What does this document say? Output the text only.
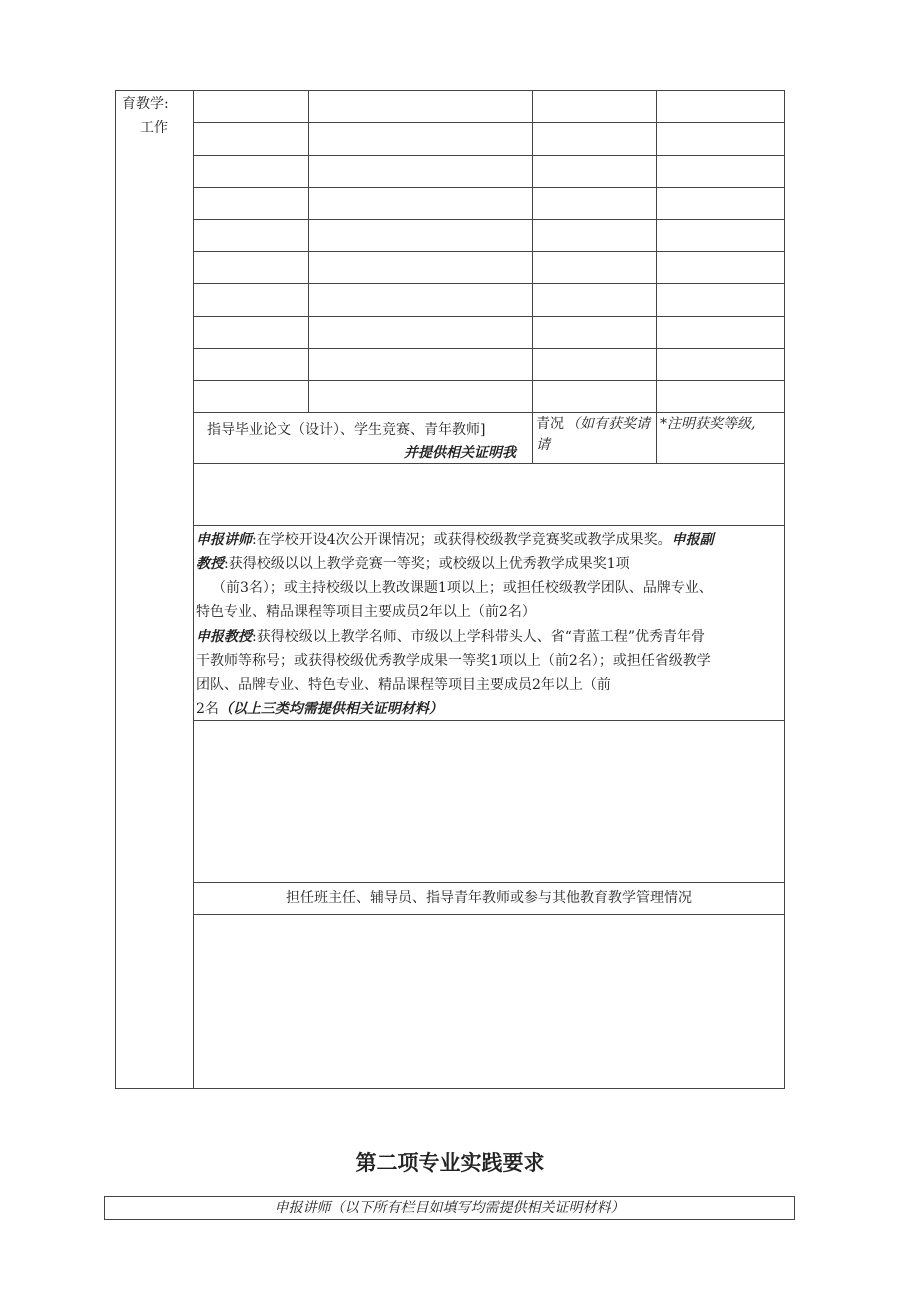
育教学:
工作
指导毕业论文（设计）、学生竞赛、青年教师]
并提供相关证明我
青况 （如有获奖请
请
*注明获奖等级,
申报讲师:在学校开设4次公开课情况；或获得校级教学竞赛奖或教学成果奖。申报副
教授:获得校级以以上教学竞赛一等奖；或校级以上优秀教学成果奖1项
（前3名）；或主持校级以上教改课题1项以上；或担任校级教学团队、品牌专业、
特色专业、精品课程等项目主要成员2年以上（前2名）
申报教授:获得校级以上教学名师、市级以上学科带头人、省“青蓝工程”优秀青年骨
干教师等称号；或获得校级优秀教学成果一等奖1项以上（前2名）；或担任省级教学
团队、品牌专业、特色专业、精品课程等项目主要成员2年以上（前
2名（以上三类均需提供相关证明材料）
担任班主任、辅导员、指导青年教师或参与其他教育教学管理情况
第二项专业实践要求
申报讲师（以下所有栏目如填写均需提供相关证明材料）
